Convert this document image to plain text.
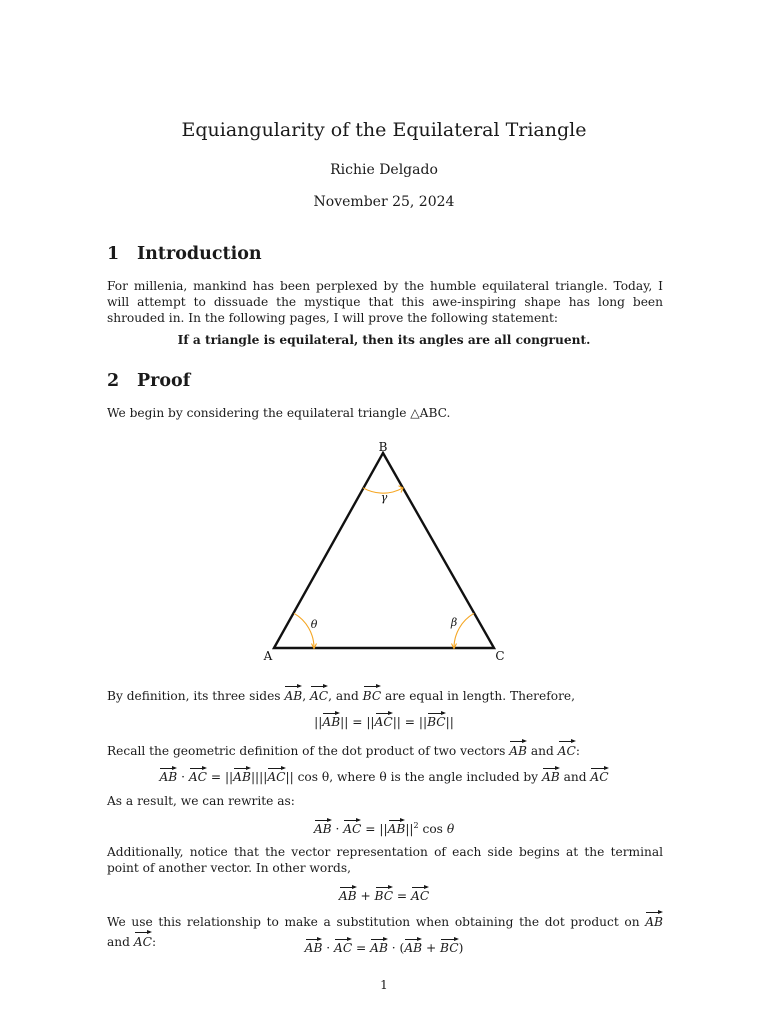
Equiangularity of the Equilateral Triangle
Richie Delgado
November 25, 2024
1 Introduction
For millenia, mankind has been perplexed by the humble equilateral triangle. Today, I will attempt to dissuade the mystique that this awe-inspiring shape has long been shrouded in. In the following pages, I will prove the following statement:
If a triangle is equilateral, then its angles are all congruent.
2 Proof
We begin by considering the equilateral triangle △ABC.
B
A	C
θ	β
γ
By definition, its three sides AB, AC, and BC are equal in length. Therefore,
||AB|| = ||AC|| = ||BC||
Recall the geometric definition of the dot product of two vectors AB and AC:
AB · AC = ||AB||||AC|| cos θ, where θ is the angle included by AB and AC
As a result, we can rewrite as:
AB · AC = $||AB||^2$ cos θ
Additionally, notice that the vector representation of each side begins at the terminal point of another vector. In other words,
AB + BC = AC
We use this relationship to make a substitution when obtaining the dot product on AB and AC:	AB · AC = AB · (AB + BC)
1
